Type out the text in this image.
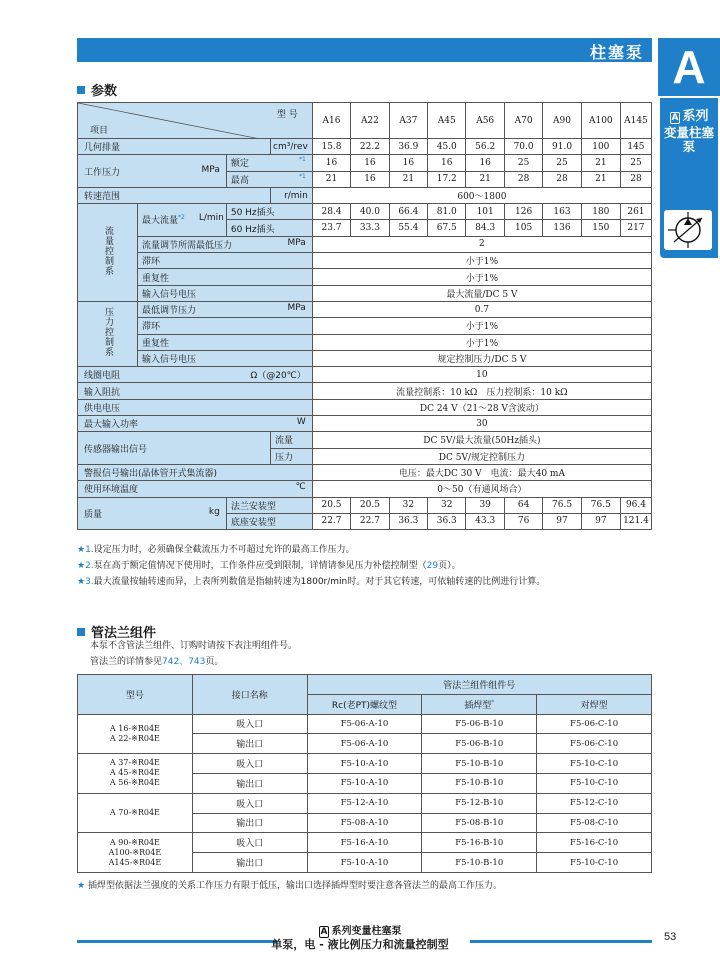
柱塞泵 A
A 系列
变量柱塞泵
参数
型 号
项目				A16	A22	A37	A45	A56	A70	A90	A100	A145

几何排量			cm³/rev	15.8	22.2	36.9	45.0	56.2	70.0	91.0	100	145
工作压力 MPa		额定 *1		16	16	16	16	16	25	25	21	25
		最高 *1		21	16	21	17.2	21	28	28	21	28
转速范围			r/min	600～1800								
流量控制系	最大流量$^{*2}$ L/min	50 Hz插头		28.4	40.0	66.4	81.0	101	126	163	180	261
		60 Hz插头		23.7	33.3	55.4	67.5	84.3	105	136	150	217
	流量调节所需最低压力 MPa			2								
	滞环			小于1%								
	重复性			小于1%								
	输入信号电压			最大流量/DC 5 V								
压力控制系	最低调节压力 MPa			0.7								
	滞环			小于1%								
	重复性			小于1%								
	输入信号电压			规定控制压力/DC 5 V								
线圈电阻 Ω（@20℃）				10								
输入阻抗				流量控制系：10 kΩ　压力控制系：10 kΩ								
供电电压				DC 24 V（21～28 V含波动）								
最大输入功率 W				30								
传感器输出信号			流量	DC 5V/最大流量(50Hz插头)								
			压力	DC 5V/规定控制压力								
警报信号输出(晶体管开式集流器)				电压：最大DC 30 V　电流：最大40 mA								
使用环境温度 ℃				0～50（有通风场合）								
质量 kg		法兰安装型		20.5	20.5	32	32	39	64	76.5	76.5	96.4
		底座安装型		22.7	22.7	36.3	36.3	43.3	76	97	97	121.4
★1.设定压力时，必须确保全截流压力不可超过允许的最高工作压力。
★2.泵在高于额定值情况下使用时，工作条件应受到限制，详情请参见压力补偿控制型（29页）。
★3.最大流量按轴转速而异，上表所列数值是指轴转速为1800r/min时。对于其它转速，可依轴转速的比例进行计算。
管法兰组件
本泵不含管法兰组件、订购时请按下表注明组件号。
管法兰的详情参见742、743页。
型号	接口名称	管法兰组件组件号		
		Rc(老PT)螺纹型	插焊型*	对焊型

A 16-※R04E
A 22-※R04E	吸入口	F5-06-A-10	F5-06-B-10	F5-06-C-10
	输出口	F5-06-A-10	F5-06-B-10	F5-06-C-10

A 37-※R04E
A 45-※R04E
A 56-※R04E	吸入口	F5-10-A-10	F5-10-B-10	F5-10-C-10
	输出口	F5-10-A-10	F5-10-B-10	F5-10-C-10

A 70-※R04E	吸入口	F5-12-A-10	F5-12-B-10	F5-12-C-10
	输出口	F5-08-A-10	F5-08-B-10	F5-08-C-10

A 90-※R04E
A100-※R04E
A145-※R04E	吸入口	F5-16-A-10	F5-16-B-10	F5-16-C-10
	输出口	F5-10-A-10	F5-10-B-10	F5-10-C-10
★ 插焊型依据法兰强度的关系工作压力有限于低压，输出口选择插焊型时要注意各管法兰的最高工作压力。
A 系列变量柱塞泵
单泵，电 - 液比例压力和流量控制型
53
